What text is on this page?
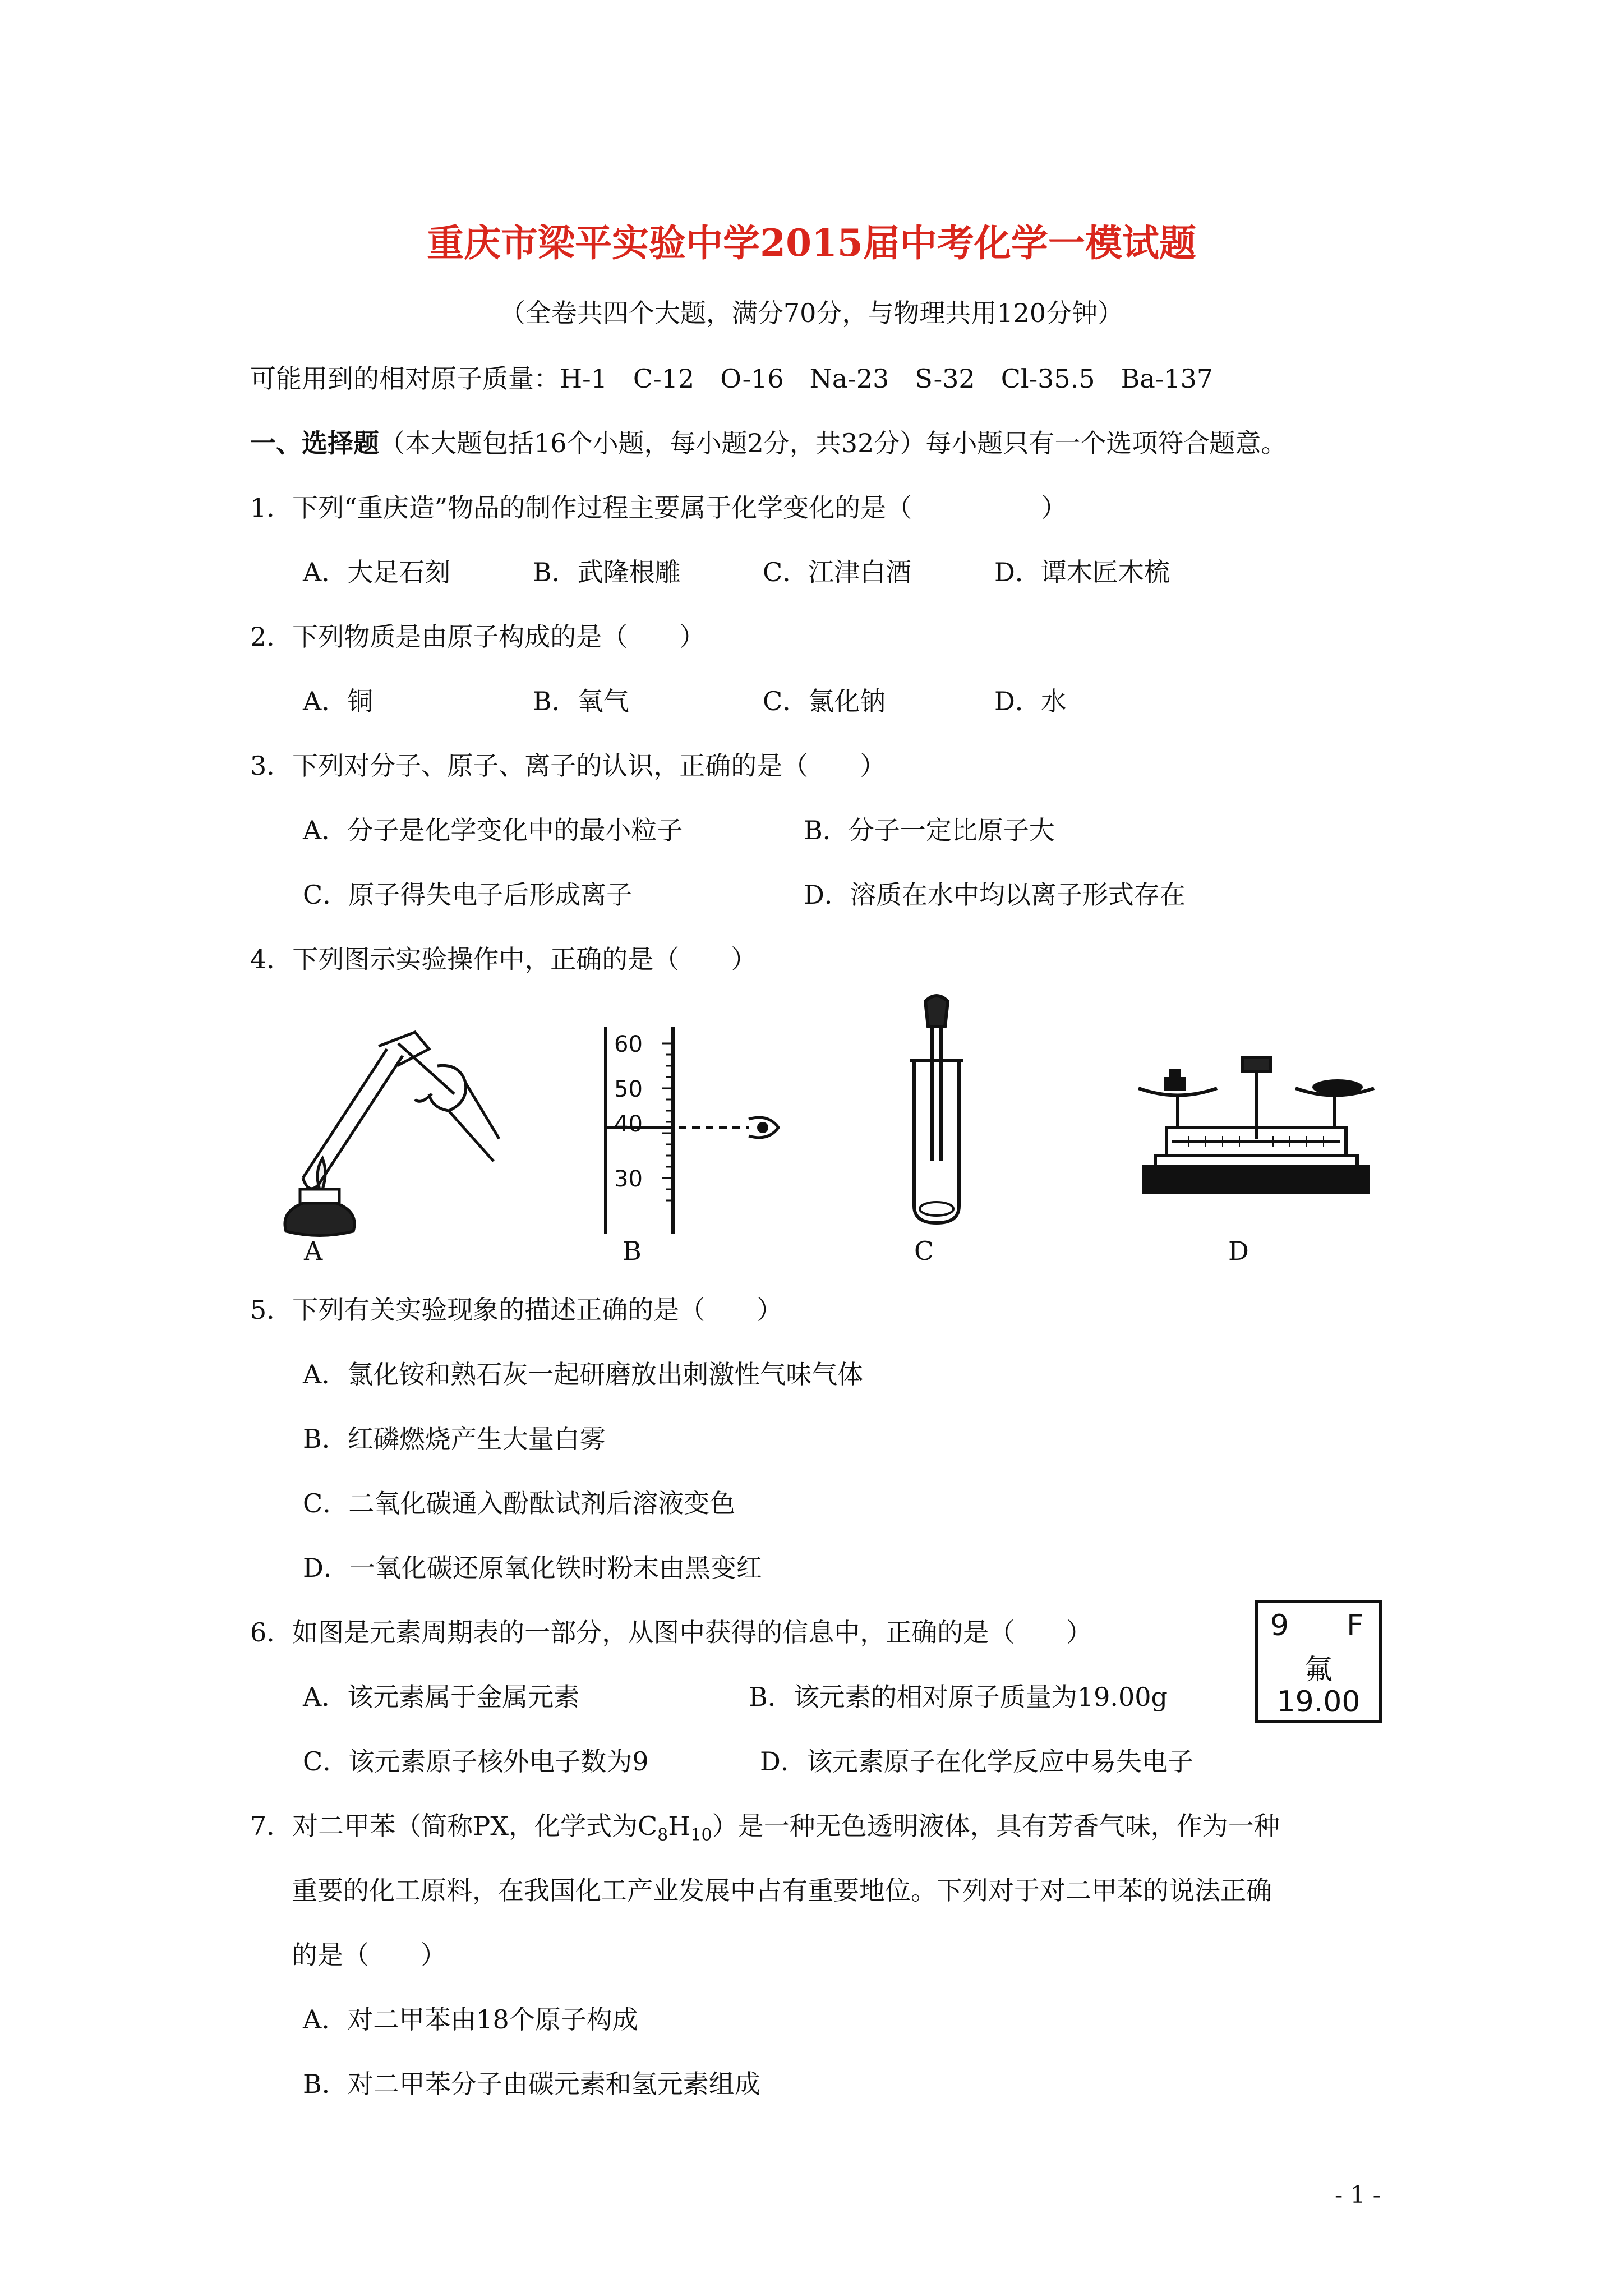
重庆市梁平实验中学2015届中考化学一模试题
（全卷共四个大题，满分70分，与物理共用120分钟）
可能用到的相对原子质量：H-1　C-12　O-16　Na-23　S-32　Cl-35.5　Ba-137
一、选择题（本大题包括16个小题，每小题2分，共32分）每小题只有一个选项符合题意。
1．下列“重庆造”物品的制作过程主要属于化学变化的是（　　　　　）
A．大足石刻	B．武隆根雕	C．江津白酒	D．谭木匠木梳
2．下列物质是由原子构成的是（　　）
A．铜	B．氧气	C．氯化钠	D．水
3．下列对分子、原子、离子的认识，正确的是（　　）
A．分子是化学变化中的最小粒子	B．分子一定比原子大
C．原子得失电子后形成离子	D．溶质在水中均以离子形式存在
4．下列图示实验操作中，正确的是（　　）
A
60
50
40
30
B	C	D
5．下列有关实验现象的描述正确的是（　　）
A．氯化铵和熟石灰一起研磨放出刺激性气味气体
B．红磷燃烧产生大量白雾
C．二氧化碳通入酚酞试剂后溶液变色
D．一氧化碳还原氧化铁时粉末由黑变红
6．如图是元素周期表的一部分，从图中获得的信息中，正确的是（　　）
A．该元素属于金属元素	B．该元素的相对原子质量为19.00g
C．该元素原子核外电子数为9	D．该元素原子在化学反应中易失电子
9 F
氟
19.00
7．对二甲苯（简称PX，化学式为$C_8H_{10}$）是一种无色透明液体，具有芳香气味，作为一种
重要的化工原料，在我国化工产业发展中占有重要地位。下列对于对二甲苯的说法正确
的是（　　）
A．对二甲苯由18个原子构成
B．对二甲苯分子由碳元素和氢元素组成
- 1 -
